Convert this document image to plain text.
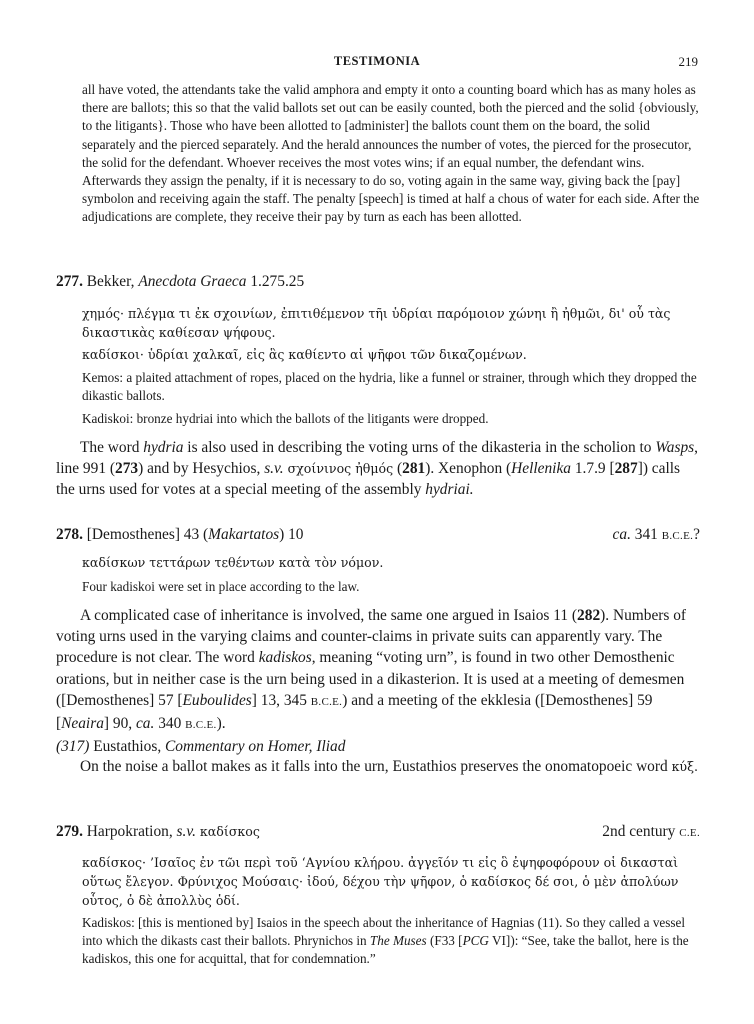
TESTIMONIA	219

all have voted, the attendants take the valid amphora and empty it onto a counting board which has as many holes as there are ballots; this so that the valid ballots set out can be easily counted, both the pierced and the solid {obviously, to the litigants}. Those who have been allotted to [administer] the ballots count them on the board, the solid separately and the pierced separately. And the herald announces the number of votes, the pierced for the prosecutor, the solid for the defendant. Whoever receives the most votes wins; if an equal number, the defendant wins. Afterwards they assign the penalty, if it is necessary to do so, voting again in the same way, giving back the [pay] symbolon and receiving again the staff. The penalty [speech] is timed at half a chous of water for each side. After the adjudications are complete, they receive their pay by turn as each has been allotted.

277. Bekker, Anecdota Graeca 1.275.25

χημός· πλέγμα τι ἐκ σχοινίων, ἐπιτιθέμενον τῆι ὑδρίαι παρόμοιον χώνηι ἢ ἠθμῶι, δι' οὗ τὰς δικαστικὰς καθίεσαν ψήφους.

καδίσκοι· ὑδρίαι χαλκαῖ, εἰς ἃς καθίεντο αἱ ψῆφοι τῶν δικαζομένων.

Kemos: a plaited attachment of ropes, placed on the hydria, like a funnel or strainer, through which they dropped the dikastic ballots.

Kadiskoi: bronze hydriai into which the ballots of the litigants were dropped.

The word hydria is also used in describing the voting urns of the dikasteria in the scholion to Wasps, line 991 (273) and by Hesychios, s.v. σχοίνινος ἠθμός (281). Xenophon (Hellenika 1.7.9 [287]) calls the urns used for votes at a special meeting of the assembly hydriai.

278. [Demosthenes] 43 (Makartatos) 10	ca. 341 B.C.E.?

καδίσκων τεττάρων τεθέντων κατὰ τὸν νόμον.

Four kadiskoi were set in place according to the law.

A complicated case of inheritance is involved, the same one argued in Isaios 11 (282). Numbers of voting urns used in the varying claims and counter-claims in private suits can apparently vary. The procedure is not clear. The word kadiskos, meaning “voting urn”, is found in two other Demosthenic orations, but in neither case is the urn being used in a dikasterion. It is used at a meeting of demesmen ([Demosthenes] 57 [Euboulides] 13, 345 B.C.E.) and a meeting of the ekklesia ([Demosthenes] 59 [Neaira] 90, ca. 340 B.C.E.).

(317) Eustathios, Commentary on Homer, Iliad

On the noise a ballot makes as it falls into the urn, Eustathios preserves the onomatopoeic word κύξ.

279. Harpokration, s.v. καδίσκος	2nd century C.E.

καδίσκος· ’Ισαῖος ἐν τῶι περὶ τοῦ ‘Αγνίου κλήρου. ἀγγεῖόν τι εἰς ὃ ἐψηφοφόρουν οἱ δικασταὶ οὕτως ἔλεγον. Φρύνιχος Μούσαις· ἰδού, δέχου τὴν ψῆφον, ὁ καδίσκος δέ σοι, ὁ μὲν ἀπολύων οὗτος, ὁ δὲ ἀπολλὺς ὁδί.

Kadiskos: [this is mentioned by] Isaios in the speech about the inheritance of Hagnias (11). So they called a vessel into which the dikasts cast their ballots. Phrynichos in The Muses (F33 [PCG VI]): “See, take the ballot, here is the kadiskos, this one for acquittal, that for condemnation.”
